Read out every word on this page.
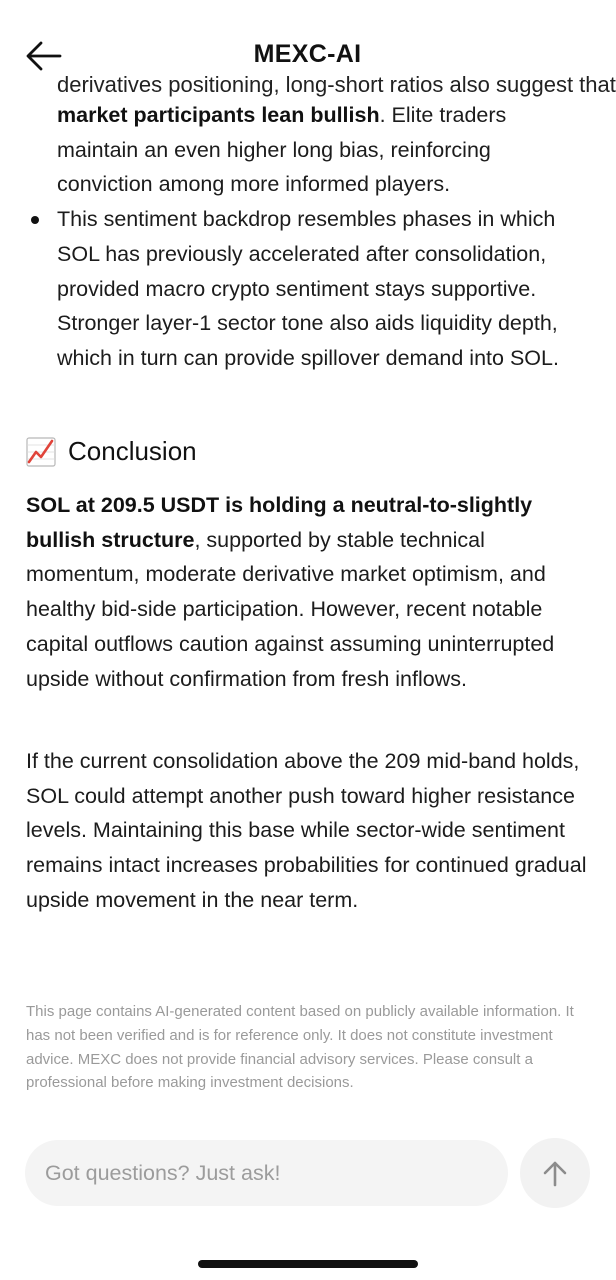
market participants lean bullish. Elite traders maintain an even higher long bias, reinforcing conviction among more informed players.
This sentiment backdrop resembles phases in which SOL has previously accelerated after consolidation, provided macro crypto sentiment stays supportive. Stronger layer-1 sector tone also aids liquidity depth, which in turn can provide spillover demand into SOL.
Conclusion

SOL at 209.5 USDT is holding a neutral-to-slightly bullish structure, supported by stable technical momentum, moderate derivative market optimism, and healthy bid-side participation. However, recent notable capital outflows caution against assuming uninterrupted upside without confirmation from fresh inflows.

If the current consolidation above the 209 mid-band holds, SOL could attempt another push toward higher resistance levels. Maintaining this base while sector-wide sentiment remains intact increases probabilities for continued gradual upside movement in the near term.

derivatives positioning, long-short ratios also suggest that
MEXC-AI

This page contains AI-generated content based on publicly available information. It has not been verified and is for reference only. It does not constitute investment advice. MEXC does not provide financial advisory services. Please consult a professional before making investment decisions.

Got questions? Just ask!
